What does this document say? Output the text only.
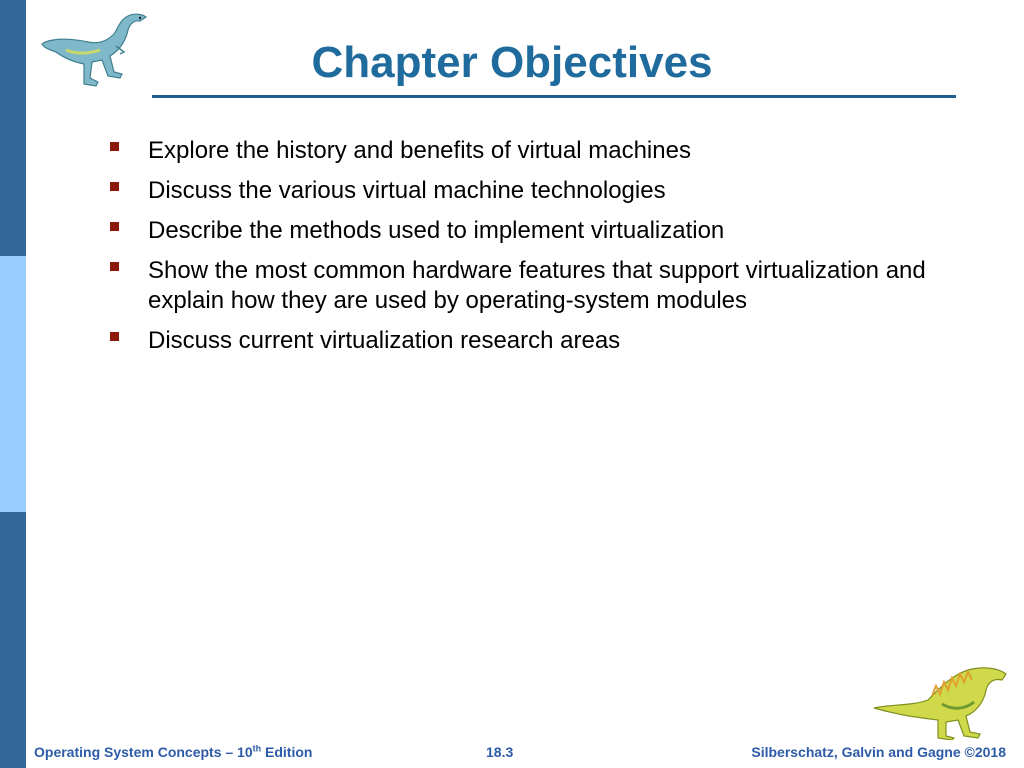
Chapter Objectives
Explore the history and benefits of virtual machines
Discuss the various virtual machine technologies
Describe the methods used to implement virtualization
Show the most common hardware features that support virtualization and explain how they are used by operating-system modules
Discuss current virtualization research areas
Operating System Concepts – 10th Edition	18.3	Silberschatz, Galvin and Gagne ©2018
